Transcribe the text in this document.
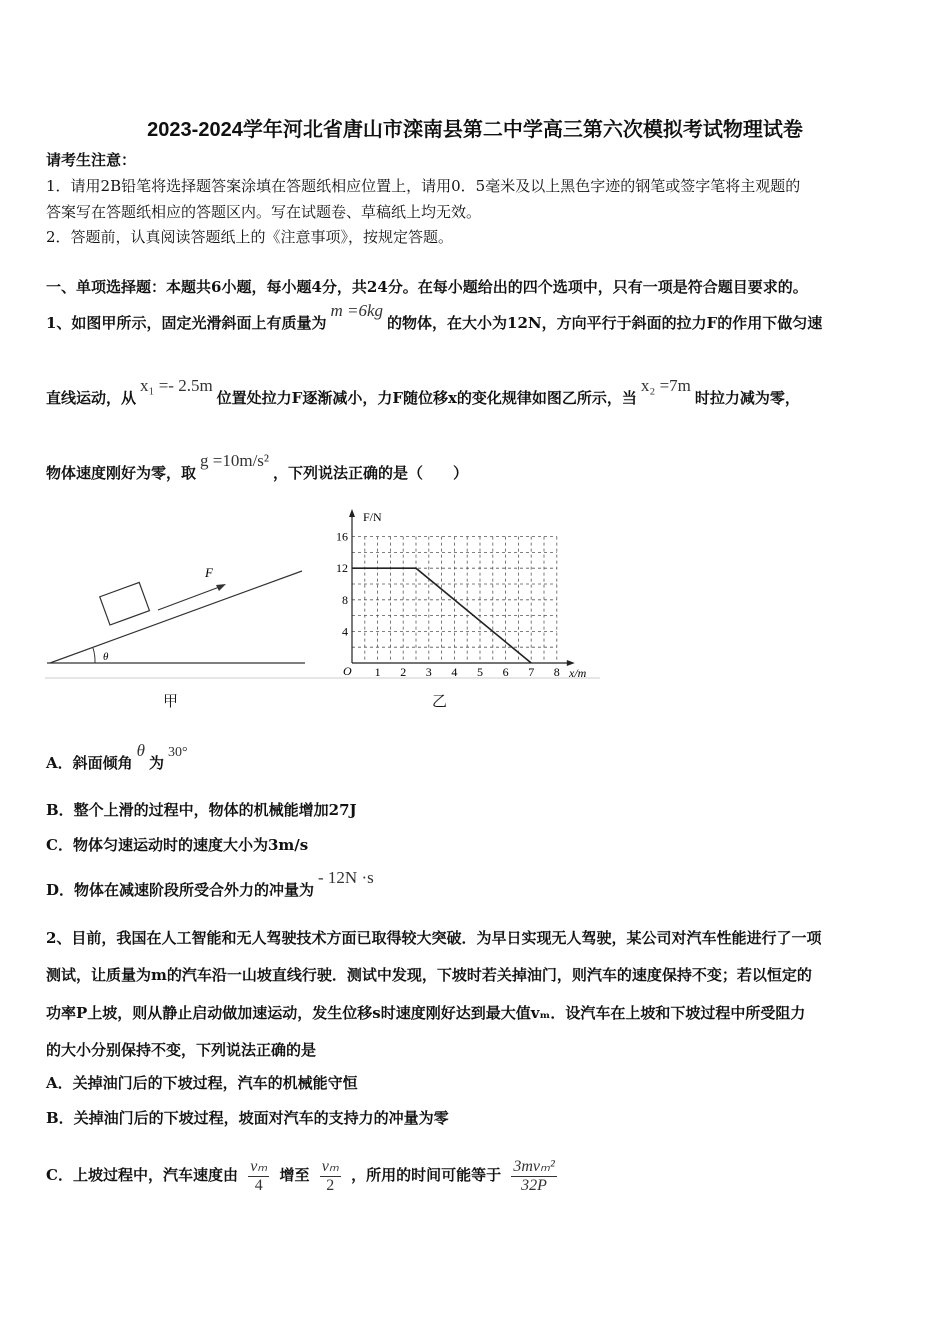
2023-2024学年河北省唐山市滦南县第二中学高三第六次模拟考试物理试卷
请考生注意：
1．请用2B铅笔将选择题答案涂填在答题纸相应位置上，请用0．5毫米及以上黑色字迹的钢笔或签字笔将主观题的
答案写在答题纸相应的答题区内。写在试题卷、草稿纸上均无效。
2．答题前，认真阅读答题纸上的《注意事项》，按规定答题。
一、单项选择题：本题共6小题，每小题4分，共24分。在每小题给出的四个选项中，只有一项是符合题目要求的。
1、如图甲所示，固定光滑斜面上有质量为m =6kg的物体，在大小为12N，方向平行于斜面的拉力F的作用下做匀速
直线运动，从x₁ =- 2.5m位置处拉力F逐渐减小，力F随位移x的变化规律如图乙所示，当x₂ =7m时拉力减为零，
物体速度刚好为零，取g =10m/s²，下列说法正确的是（　　）
F
θ
1 2 3 4 5 6 7 8
4
8
12
16
F/N
x/m
O
甲	乙
A．斜面倾角θ为30°
B．整个上滑的过程中，物体的机械能增加27J
C．物体匀速运动时的速度大小为3m/s
D．物体在减速阶段所受合外力的冲量为- 12N ·s
2、目前，我国在人工智能和无人驾驶技术方面已取得较大突破．为早日实现无人驾驶，某公司对汽车性能进行了一项
测试，让质量为m的汽车沿一山坡直线行驶．测试中发现，下坡时若关掉油门，则汽车的速度保持不变；若以恒定的
功率P上坡，则从静止启动做加速运动，发生位移s时速度刚好达到最大值vₘ．设汽车在上坡和下坡过程中所受阻力
的大小分别保持不变，下列说法正确的是
A．关掉油门后的下坡过程，汽车的机械能守恒
B．关掉油门后的下坡过程，坡面对汽车的支持力的冲量为零
C．上坡过程中，汽车速度由 $\frac{\text{vₘ}}{4}$ 增至 $\frac{\text{vₘ}}{2}$ ，所用的时间可能等于 $\frac{\text{3mvₘ²}}{32P}$
